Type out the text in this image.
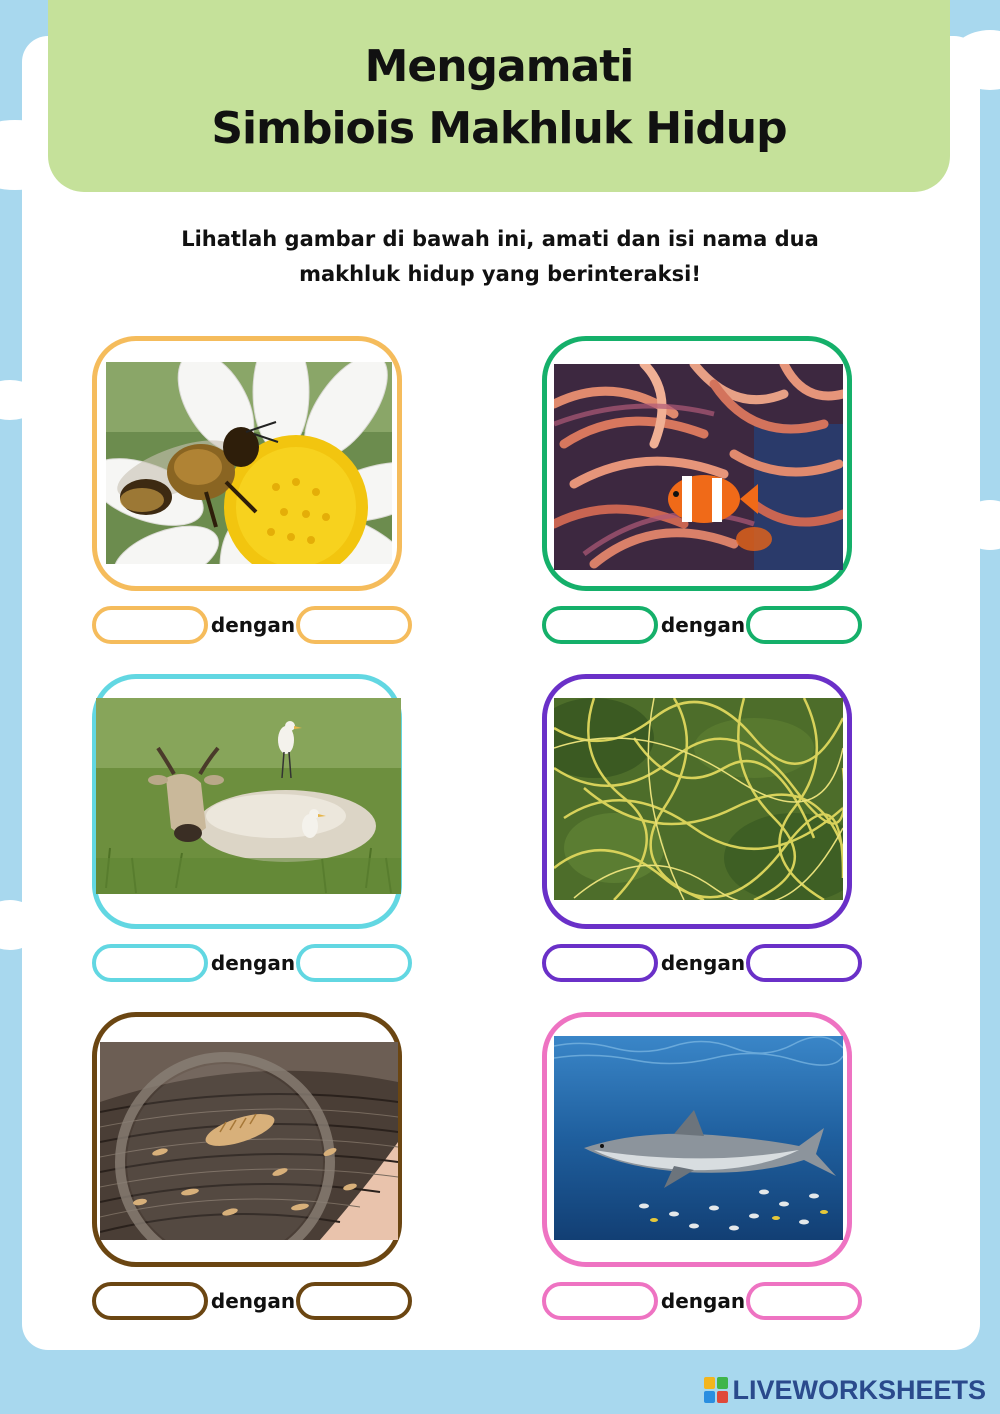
Mengamati
Simbiois Makhluk Hidup

Lihatlah gambar di bawah ini, amati dan isi nama dua
makhluk hidup yang berinteraksi!

dengan	dengan
dengan	dengan
dengan	dengan
LIVEWORKSHEETS
